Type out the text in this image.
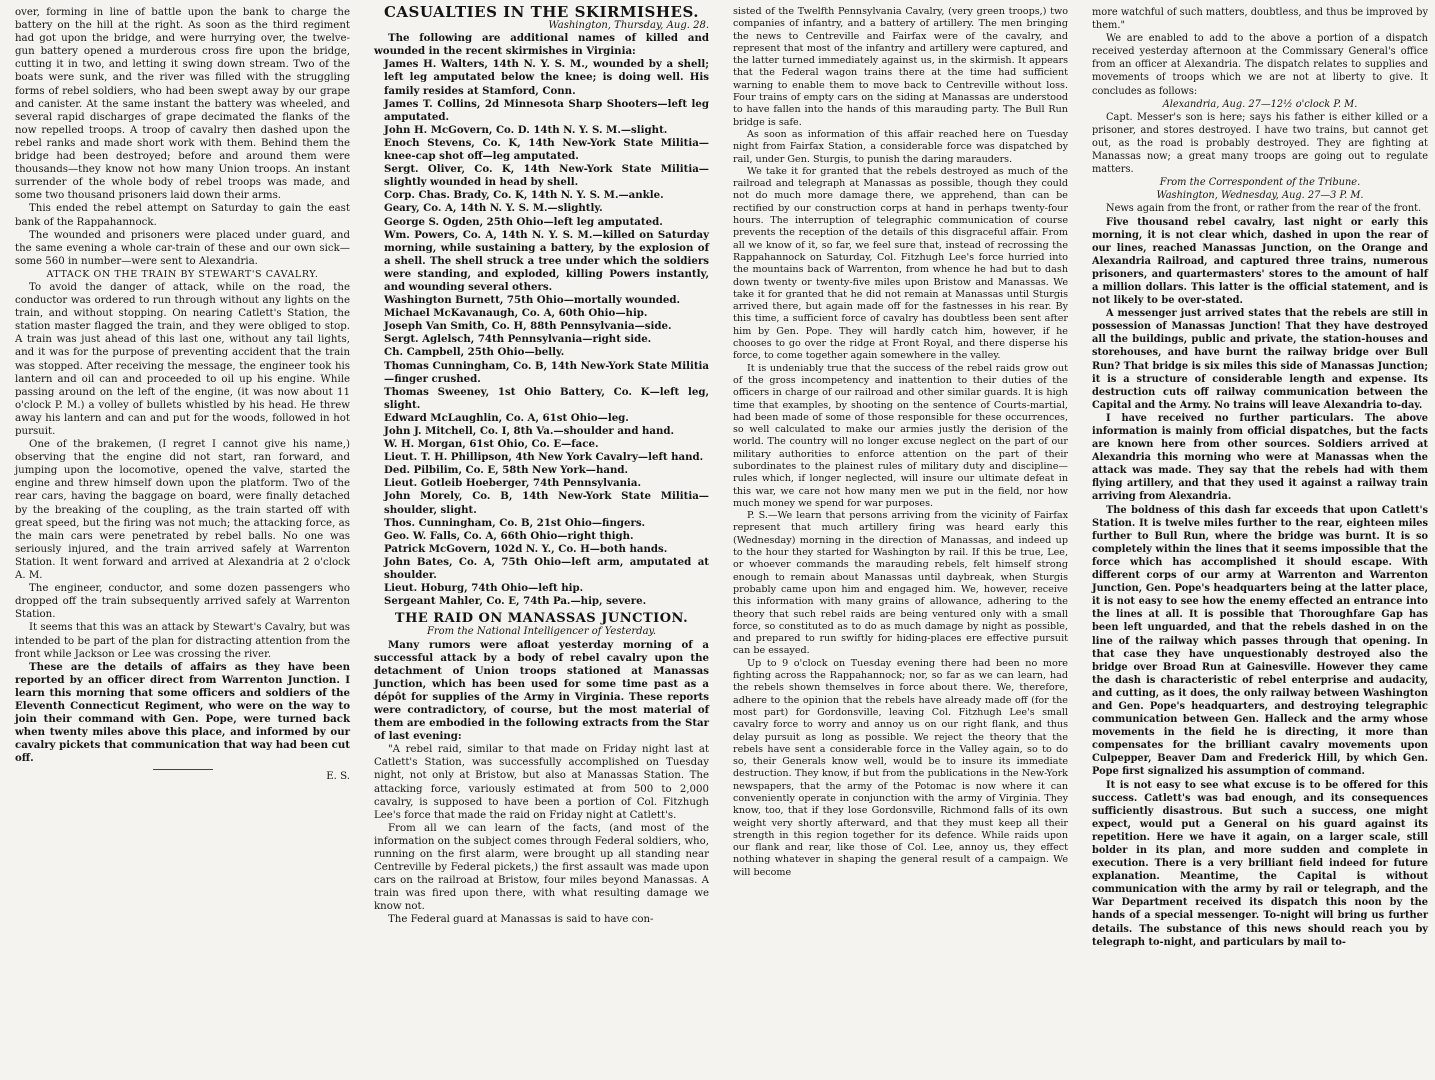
over, forming in line of battle upon the bank to charge the battery on the hill at the right. As soon as the third regiment had got upon the bridge, and were hurrying over, the twelve-gun battery opened a murderous cross fire upon the bridge, cutting it in two, and letting it swing down stream. Two of the boats were sunk, and the river was filled with the struggling forms of rebel soldiers, who had been swept away by our grape and canister. At the same instant the battery was wheeled, and several rapid discharges of grape decimated the flanks of the now repelled troops. A troop of cavalry then dashed upon the rebel ranks and made short work with them. Behind them the bridge had been destroyed; before and around them were thousands—they know not how many Union troops. An instant surrender of the whole body of rebel troops was made, and some two thousand prisoners laid down their arms.

This ended the rebel attempt on Saturday to gain the east bank of the Rappahannock.

The wounded and prisoners were placed under guard, and the same evening a whole car-train of these and our own sick—some 560 in number—were sent to Alexandria.

ATTACK ON THE TRAIN BY STEWART'S CAVALRY.

To avoid the danger of attack, while on the road, the conductor was ordered to run through without any lights on the train, and without stopping. On nearing Catlett's Station, the station master flagged the train, and they were obliged to stop. A train was just ahead of this last one, without any tail lights, and it was for the purpose of preventing accident that the train was stopped. After receiving the message, the engineer took his lantern and oil can and proceeded to oil up his engine. While passing around on the left of the engine, (it was now about 11 o'clock P. M.) a volley of bullets whistled by his head. He threw away his lantern and can and put for the woods, followed in hot pursuit.

One of the brakemen, (I regret I cannot give his name,) observing that the engine did not start, ran forward, and jumping upon the locomotive, opened the valve, started the engine and threw himself down upon the platform. Two of the rear cars, having the baggage on board, were finally detached by the breaking of the coupling, as the train started off with great speed, but the firing was not much; the attacking force, as the main cars were penetrated by rebel balls. No one was seriously injured, and the train arrived safely at Warrenton Station. It went forward and arrived at Alexandria at 2 o'clock A. M.

The engineer, conductor, and some dozen passengers who dropped off the train subsequently arrived safely at Warrenton Station.

It seems that this was an attack by Stewart's Cavalry, but was intended to be part of the plan for distracting attention from the front while Jackson or Lee was crossing the river.

These are the details of affairs as they have been reported by an officer direct from Warrenton Junction. I learn this morning that some officers and soldiers of the Eleventh Connecticut Regiment, who were on the way to join their command with Gen. Pope, were turned back when twenty miles above this place, and informed by our cavalry pickets that communication that way had been cut off.

E. S.

CASUALTIES IN THE SKIRMISHES.

Washington, Thursday, Aug. 28.

The following are additional names of killed and wounded in the recent skirmishes in Virginia:

James H. Walters, 14th N. Y. S. M., wounded by a shell; left leg amputated below the knee; is doing well. His family resides at Stamford, Conn.

James T. Collins, 2d Minnesota Sharp Shooters—left leg amputated.

John H. McGovern, Co. D. 14th N. Y. S. M.—slight.

Enoch Stevens, Co. K, 14th New-York State Militia—knee-cap shot off—leg amputated.

Sergt. Oliver, Co. K, 14th New-York State Militia—slightly wounded in head by shell.

Corp. Chas. Brady, Co. K, 14th N. Y. S. M.—ankle.

Geary, Co. A, 14th N. Y. S. M.—slightly.

George S. Ogden, 25th Ohio—left leg amputated.

Wm. Powers, Co. A, 14th N. Y. S. M.—killed on Saturday morning, while sustaining a battery, by the explosion of a shell. The shell struck a tree under which the soldiers were standing, and exploded, killing Powers instantly, and wounding several others.

Washington Burnett, 75th Ohio—mortally wounded.

Michael McKavanaugh, Co. A, 60th Ohio—hip.

Joseph Van Smith, Co. H, 88th Pennsylvania—side.

Sergt. Aglelsch, 74th Pennsylvania—right side.

Ch. Campbell, 25th Ohio—belly.

Thomas Cunningham, Co. B, 14th New-York State Militia—finger crushed.

Thomas Sweeney, 1st Ohio Battery, Co. K—left leg, slight.

Edward McLaughlin, Co. A, 61st Ohio—leg.

John J. Mitchell, Co. I, 8th Va.—shoulder and hand.

W. H. Morgan, 61st Ohio, Co. E—face.

Lieut. T. H. Phillipson, 4th New York Cavalry—left hand.

Ded. Pilbilim, Co. E, 58th New York—hand.

Lieut. Gotleib Hoeberger, 74th Pennsylvania.

John Morely, Co. B, 14th New-York State Militia—shoulder, slight.

Thos. Cunningham, Co. B, 21st Ohio—fingers.

Geo. W. Falls, Co. A, 66th Ohio—right thigh.

Patrick McGovern, 102d N. Y., Co. H—both hands.

John Bates, Co. A, 75th Ohio—left arm, amputated at shoulder.

Lieut. Hoburg, 74th Ohio—left hip.

Sergeant Mahler, Co. E, 74th Pa.—hip, severe.

THE RAID ON MANASSAS JUNCTION.

From the National Intelligencer of Yesterday.

Many rumors were afloat yesterday morning of a successful attack by a body of rebel cavalry upon the detachment of Union troops stationed at Manassas Junction, which has been used for some time past as a dépôt for supplies of the Army in Virginia. These reports were contradictory, of course, but the most material of them are embodied in the following extracts from the Star of last evening:

"A rebel raid, similar to that made on Friday night last at Catlett's Station, was successfully accomplished on Tuesday night, not only at Bristow, but also at Manassas Station. The attacking force, variously estimated at from 500 to 2,000 cavalry, is supposed to have been a portion of Col. Fitzhugh Lee's force that made the raid on Friday night at Catlett's.

From all we can learn of the facts, (and most of the information on the subject comes through Federal soldiers, who, running on the first alarm, were brought up all standing near Centreville by Federal pickets,) the first assault was made upon cars on the railroad at Bristow, four miles beyond Manassas. A train was fired upon there, with what resulting damage we know not.

The Federal guard at Manassas is said to have con-

sisted of the Twelfth Pennsylvania Cavalry, (very green troops,) two companies of infantry, and a battery of artillery. The men bringing the news to Centreville and Fairfax were of the cavalry, and represent that most of the infantry and artillery were captured, and the latter turned immediately against us, in the skirmish. It appears that the Federal wagon trains there at the time had sufficient warning to enable them to move back to Centreville without loss. Four trains of empty cars on the siding at Manassas are understood to have fallen into the hands of this marauding party. The Bull Run bridge is safe.

As soon as information of this affair reached here on Tuesday night from Fairfax Station, a considerable force was dispatched by rail, under Gen. Sturgis, to punish the daring marauders.

We take it for granted that the rebels destroyed as much of the railroad and telegraph at Manassas as possible, though they could not do much more damage there, we apprehend, than can be rectified by our construction corps at hand in perhaps twenty-four hours. The interruption of telegraphic communication of course prevents the reception of the details of this disgraceful affair. From all we know of it, so far, we feel sure that, instead of recrossing the Rappahannock on Saturday, Col. Fitzhugh Lee's force hurried into the mountains back of Warrenton, from whence he had but to dash down twenty or twenty-five miles upon Bristow and Manassas. We take it for granted that he did not remain at Manassas until Sturgis arrived there, but again made off for the fastnesses in his rear. By this time, a sufficient force of cavalry has doubtless been sent after him by Gen. Pope. They will hardly catch him, however, if he chooses to go over the ridge at Front Royal, and there disperse his force, to come together again somewhere in the valley.

It is undeniably true that the success of the rebel raids grow out of the gross incompetency and inattention to their duties of the officers in charge of our railroad and other similar guards. It is high time that examples, by shooting on the sentence of Courts-martial, had been made of some of those responsible for these occurrences, so well calculated to make our armies justly the derision of the world. The country will no longer excuse neglect on the part of our military authorities to enforce attention on the part of their subordinates to the plainest rules of military duty and discipline—rules which, if longer neglected, will insure our ultimate defeat in this war, we care not how many men we put in the field, nor how much money we spend for war purposes.

P. S.—We learn that persons arriving from the vicinity of Fairfax represent that much artillery firing was heard early this (Wednesday) morning in the direction of Manassas, and indeed up to the hour they started for Washington by rail. If this be true, Lee, or whoever commands the marauding rebels, felt himself strong enough to remain about Manassas until daybreak, when Sturgis probably came upon him and engaged him. We, however, receive this information with many grains of allowance, adhering to the theory that such rebel raids are being ventured only with a small force, so constituted as to do as much damage by night as possible, and prepared to run swiftly for hiding-places ere effective pursuit can be essayed.

Up to 9 o'clock on Tuesday evening there had been no more fighting across the Rappahannock; nor, so far as we can learn, had the rebels shown themselves in force about there. We, therefore, adhere to the opinion that the rebels have already made off (for the most part) for Gordonsville, leaving Col. Fitzhugh Lee's small cavalry force to worry and annoy us on our right flank, and thus delay pursuit as long as possible. We reject the theory that the rebels have sent a considerable force in the Valley again, so to do so, their Generals know well, would be to insure its immediate destruction. They know, if but from the publications in the New-York newspapers, that the army of the Potomac is now where it can conveniently operate in conjunction with the army of Virginia. They know, too, that if they lose Gordonsville, Richmond falls of its own weight very shortly afterward, and that they must keep all their strength in this region together for its defence. While raids upon our flank and rear, like those of Col. Lee, annoy us, they effect nothing whatever in shaping the general result of a campaign. We will become

more watchful of such matters, doubtless, and thus be improved by them."

We are enabled to add to the above a portion of a dispatch received yesterday afternoon at the Commissary General's office from an officer at Alexandria. The dispatch relates to supplies and movements of troops which we are not at liberty to give. It concludes as follows:

Alexandria, Aug. 27—12½ o'clock P. M.

Capt. Messer's son is here; says his father is either killed or a prisoner, and stores destroyed. I have two trains, but cannot get out, as the road is probably destroyed. They are fighting at Manassas now; a great many troops are going out to regulate matters.

From the Correspondent of the Tribune.

Washington, Wednesday, Aug. 27—3 P. M.

News again from the front, or rather from the rear of the front.

Five thousand rebel cavalry, last night or early this morning, it is not clear which, dashed in upon the rear of our lines, reached Manassas Junction, on the Orange and Alexandria Railroad, and captured three trains, numerous prisoners, and quartermasters' stores to the amount of half a million dollars. This latter is the official statement, and is not likely to be over-stated.

A messenger just arrived states that the rebels are still in possession of Manassas Junction! That they have destroyed all the buildings, public and private, the station-houses and storehouses, and have burnt the railway bridge over Bull Run? That bridge is six miles this side of Manassas Junction; it is a structure of considerable length and expense. Its destruction cuts off railway communication between the Capital and the Army. No trains will leave Alexandria to-day.

I have received no further particulars. The above information is mainly from official dispatches, but the facts are known here from other sources. Soldiers arrived at Alexandria this morning who were at Manassas when the attack was made. They say that the rebels had with them flying artillery, and that they used it against a railway train arriving from Alexandria.

The boldness of this dash far exceeds that upon Catlett's Station. It is twelve miles further to the rear, eighteen miles further to Bull Run, where the bridge was burnt. It is so completely within the lines that it seems impossible that the force which has accomplished it should escape. With different corps of our army at Warrenton and Warrenton Junction, Gen. Pope's headquarters being at the latter place, it is not easy to see how the enemy effected an entrance into the lines at all. It is possible that Thoroughfare Gap has been left unguarded, and that the rebels dashed in on the line of the railway which passes through that opening. In that case they have unquestionably destroyed also the bridge over Broad Run at Gainesville. However they came the dash is characteristic of rebel enterprise and audacity, and cutting, as it does, the only railway between Washington and Gen. Pope's headquarters, and destroying telegraphic communication between Gen. Halleck and the army whose movements in the field he is directing, it more than compensates for the brilliant cavalry movements upon Culpepper, Beaver Dam and Frederick Hill, by which Gen. Pope first signalized his assumption of command.

It is not easy to see what excuse is to be offered for this success. Catlett's was bad enough, and its consequences sufficiently disastrous. But such a success, one might expect, would put a General on his guard against its repetition. Here we have it again, on a larger scale, still bolder in its plan, and more sudden and complete in execution. There is a very brilliant field indeed for future explanation. Meantime, the Capital is without communication with the army by rail or telegraph, and the War Department received its dispatch this noon by the hands of a special messenger. To-night will bring us further details. The substance of this news should reach you by telegraph to-night, and particulars by mail to-
